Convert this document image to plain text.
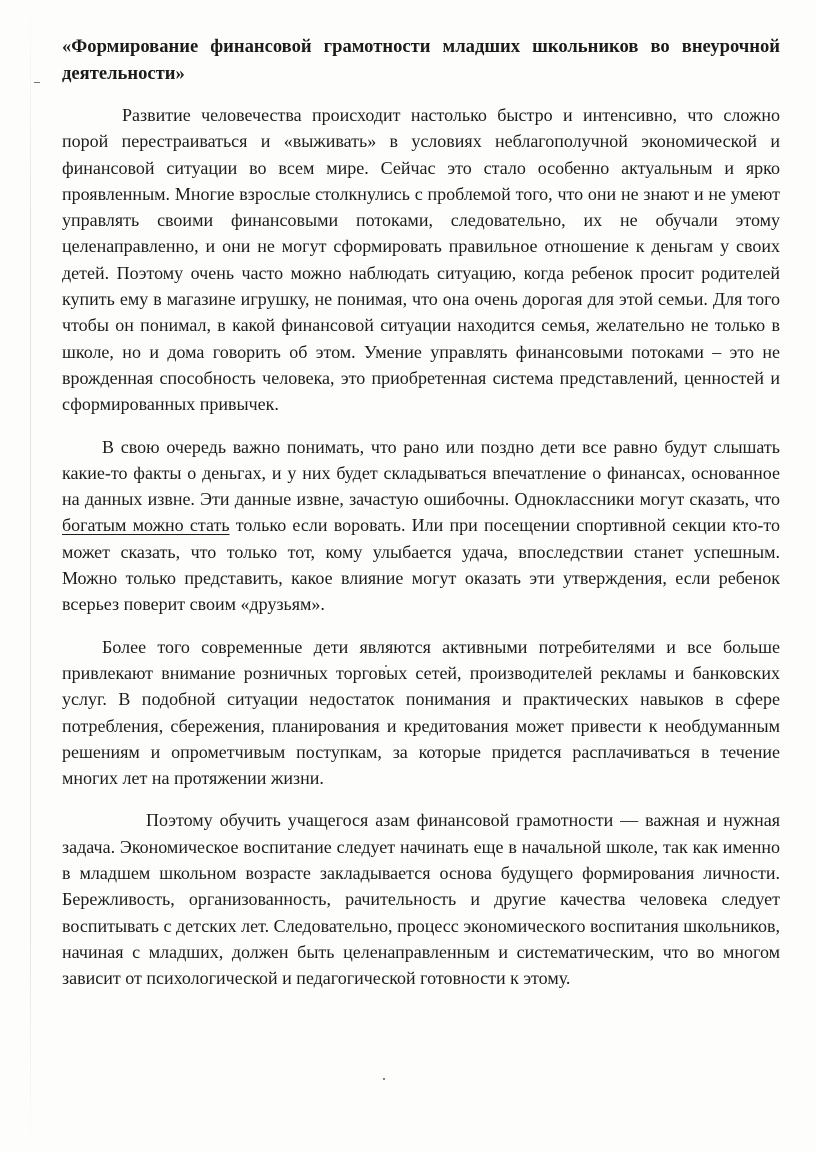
«Формирование финансовой грамотности младших школьников во внеурочной деятельности»

Развитие человечества происходит настолько быстро и интенсивно, что сложно порой перестраиваться и «выживать» в условиях неблагополучной экономической и финансовой ситуации во всем мире. Сейчас это стало особенно актуальным и ярко проявленным. Многие взрослые столкнулись с проблемой того, что они не знают и не умеют управлять своими финансовыми потоками, следовательно, их не обучали этому целенаправленно, и они не могут сформировать правильное отношение к деньгам у своих детей. Поэтому очень часто можно наблюдать ситуацию, когда ребенок просит родителей купить ему в магазине игрушку, не понимая, что она очень дорогая для этой семьи. Для того чтобы он понимал, в какой финансовой ситуации находится семья, желательно не только в школе, но и дома говорить об этом. Умение управлять финансовыми потоками – это не врожденная способность человека, это приобретенная система представлений, ценностей и сформированных привычек.

В свою очередь важно понимать, что рано или поздно дети все равно будут слышать какие-то факты о деньгах, и у них будет складываться впечатление о финансах, основанное на данных извне. Эти данные извне, зачастую ошибочны. Одноклассники могут сказать, что богатым можно стать только если воровать. Или при посещении спортивной секции кто-то может сказать, что только тот, кому улыбается удача, впоследствии станет успешным. Можно только представить, какое влияние могут оказать эти утверждения, если ребенок всерьез поверит своим «друзьям».

Более того современные дети являются активными потребителями и все больше привлекают внимание розничных торговых сетей, производителей рекламы и банковских услуг. В подобной ситуации недостаток понимания и практических навыков в сфере потребления, сбережения, планирования и кредитования может привести к необдуманным решениям и опрометчивым поступкам, за которые придется расплачиваться в течение многих лет на протяжении жизни.

Поэтому обучить учащегося азам финансовой грамотности — важная и нужная задача. Экономическое воспитание следует начинать еще в начальной школе, так как именно в младшем школьном возрасте закладывается основа будущего формирования личности. Бережливость, организованность, рачительность и другие качества человека следует воспитывать с детских лет. Следовательно, процесс экономического воспитания школьников, начиная с младших, должен быть целенаправленным и систематическим, что во многом зависит от психологической и педагогической готовности к этому.
